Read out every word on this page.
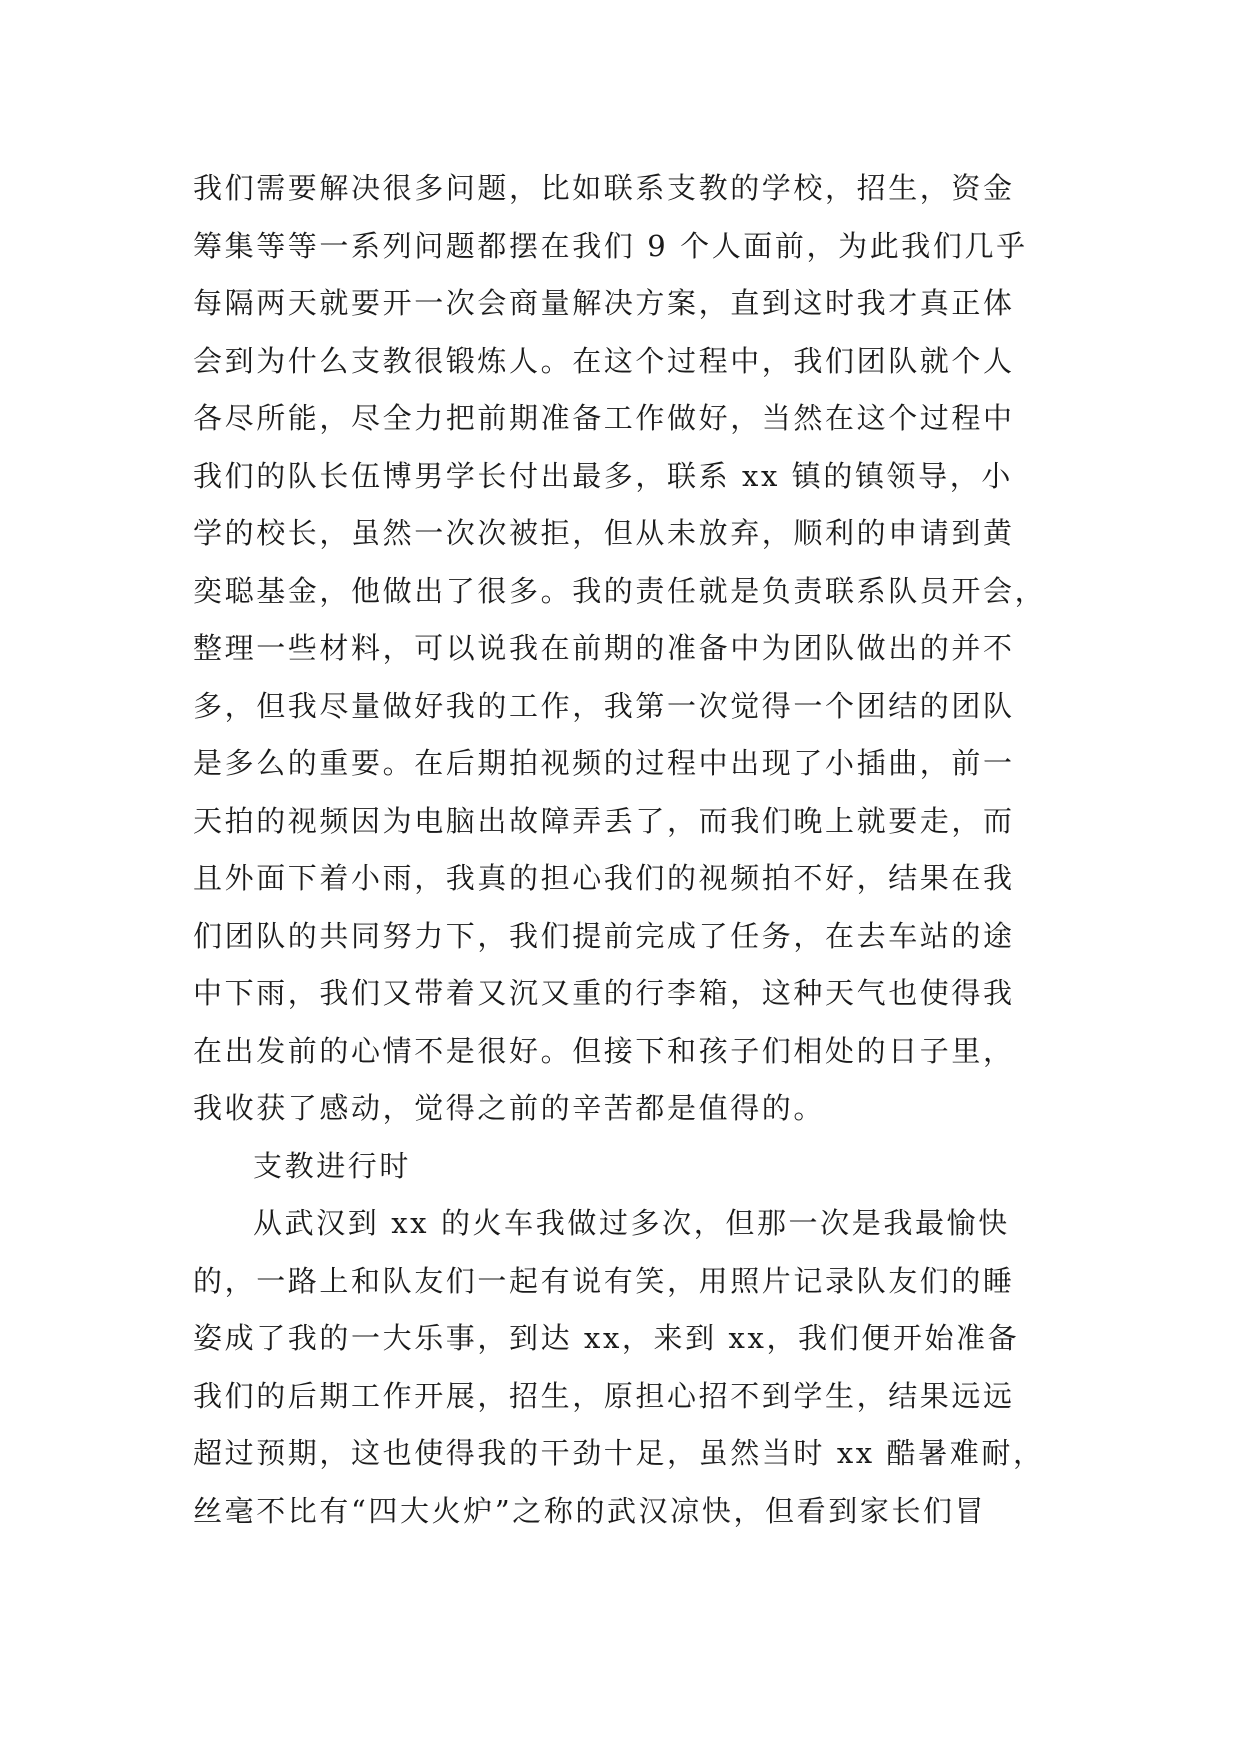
我们需要解决很多问题，比如联系支教的学校，招生，资金
筹集等等一系列问题都摆在我们 9 个人面前，为此我们几乎
每隔两天就要开一次会商量解决方案，直到这时我才真正体
会到为什么支教很锻炼人。在这个过程中，我们团队就个人
各尽所能，尽全力把前期准备工作做好，当然在这个过程中
我们的队长伍博男学长付出最多，联系 xx 镇的镇领导，小
学的校长，虽然一次次被拒，但从未放弃，顺利的申请到黄
奕聪基金，他做出了很多。我的责任就是负责联系队员开会，
整理一些材料，可以说我在前期的准备中为团队做出的并不
多，但我尽量做好我的工作，我第一次觉得一个团结的团队
是多么的重要。在后期拍视频的过程中出现了小插曲，前一
天拍的视频因为电脑出故障弄丢了，而我们晚上就要走，而
且外面下着小雨，我真的担心我们的视频拍不好，结果在我
们团队的共同努力下，我们提前完成了任务，在去车站的途
中下雨，我们又带着又沉又重的行李箱，这种天气也使得我
在出发前的心情不是很好。但接下和孩子们相处的日子里，
我收获了感动，觉得之前的辛苦都是值得的。
支教进行时
从武汉到 xx 的火车我做过多次，但那一次是我最愉快
的，一路上和队友们一起有说有笑，用照片记录队友们的睡
姿成了我的一大乐事，到达 xx，来到 xx，我们便开始准备
我们的后期工作开展，招生，原担心招不到学生，结果远远
超过预期，这也使得我的干劲十足，虽然当时 xx 酷暑难耐，
丝毫不比有“四大火炉”之称的武汉凉快，但看到家长们冒
